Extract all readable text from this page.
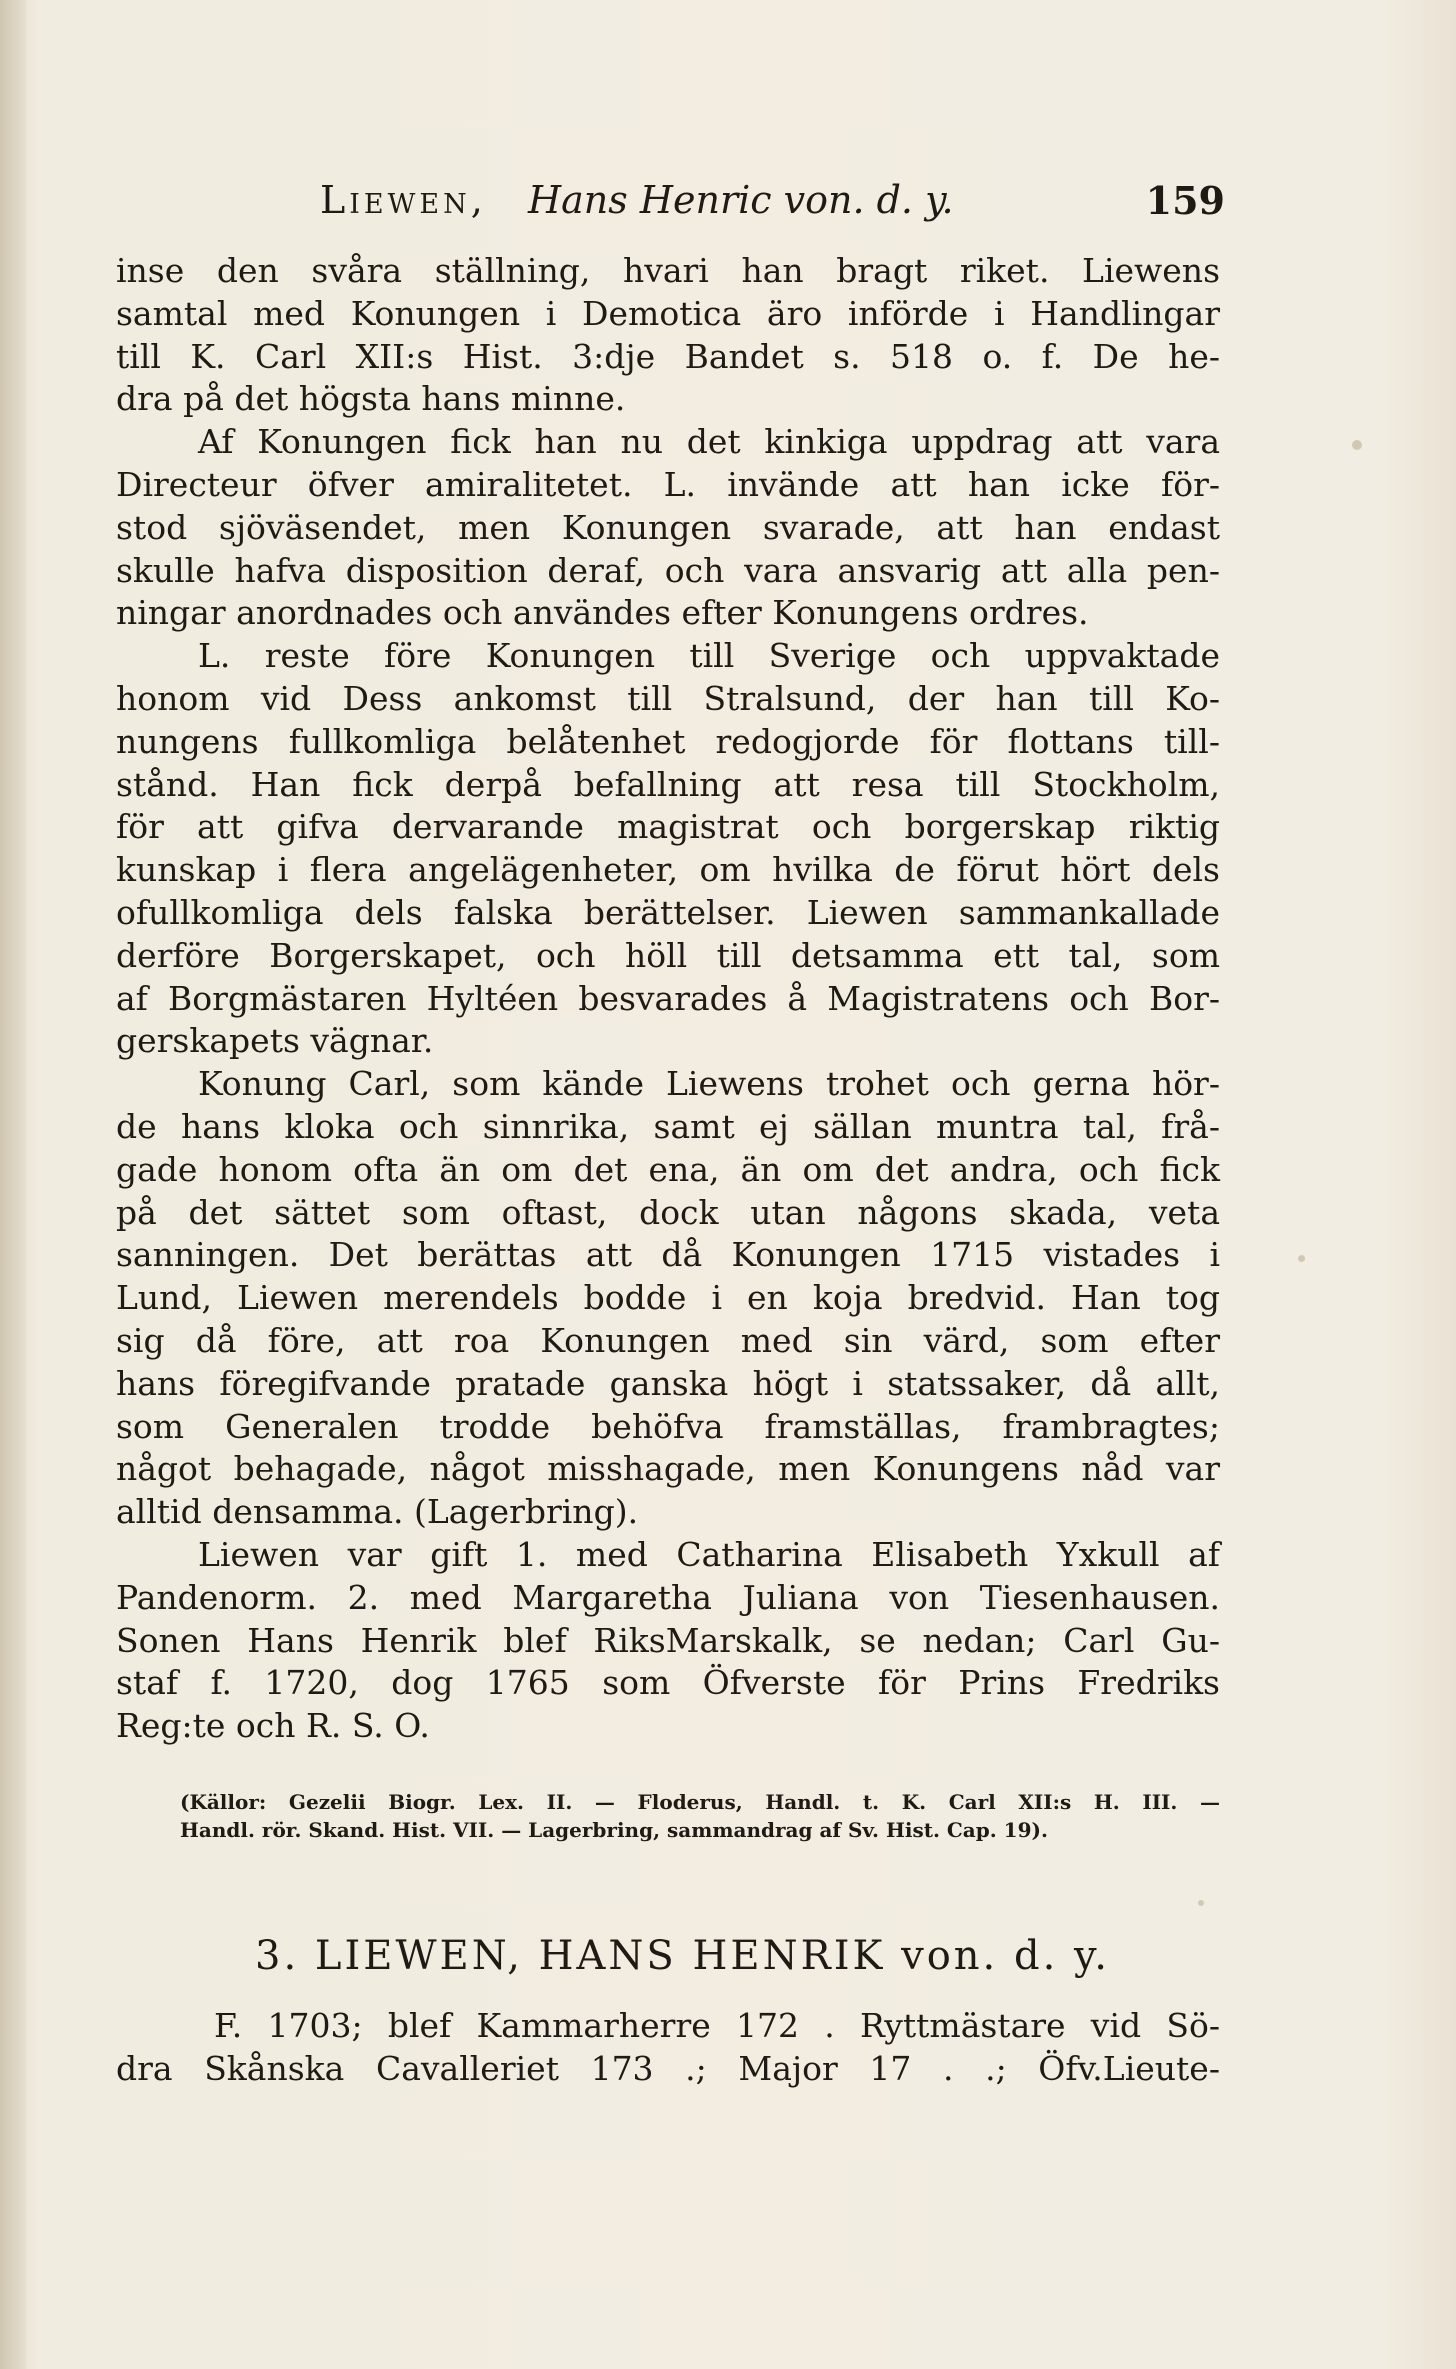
Liewen, Hans Henric von. d. y.	159
inse den svåra ställning, hvari han bragt riket. Liewens
samtal med Konungen i Demotica äro införde i Handlingar
till K. Carl XII:s Hist. 3:dje Bandet s. 518 o. f. De he-
dra på det högsta hans minne.
Af Konungen fick han nu det kinkiga uppdrag att vara
Directeur öfver amiralitetet. L. invände att han icke för-
stod sjöväsendet, men Konungen svarade, att han endast
skulle hafva disposition deraf, och vara ansvarig att alla pen-
ningar anordnades och användes efter Konungens ordres.
L. reste före Konungen till Sverige och uppvaktade
honom vid Dess ankomst till Stralsund, der han till Ko-
nungens fullkomliga belåtenhet redogjorde för flottans till-
stånd. Han fick derpå befallning att resa till Stockholm,
för att gifva dervarande magistrat och borgerskap riktig
kunskap i flera angelägenheter, om hvilka de förut hört dels
ofullkomliga dels falska berättelser. Liewen sammankallade
derföre Borgerskapet, och höll till detsamma ett tal, som
af Borgmästaren Hyltéen besvarades å Magistratens och Bor-
gerskapets vägnar.
Konung Carl, som kände Liewens trohet och gerna hör-
de hans kloka och sinnrika, samt ej sällan muntra tal, frå-
gade honom ofta än om det ena, än om det andra, och fick
på det sättet som oftast, dock utan någons skada, veta
sanningen. Det berättas att då Konungen 1715 vistades i
Lund, Liewen merendels bodde i en koja bredvid. Han tog
sig då före, att roa Konungen med sin värd, som efter
hans föregifvande pratade ganska högt i statssaker, då allt,
som Generalen trodde behöfva framställas, frambragtes;
något behagade, något misshagade, men Konungens nåd var
alltid densamma. (Lagerbring).
Liewen var gift 1. med Catharina Elisabeth Yxkull af
Pandenorm. 2. med Margaretha Juliana von Tiesenhausen.
Sonen Hans Henrik blef RiksMarskalk, se nedan; Carl Gu-
staf f. 1720, dog 1765 som Öfverste för Prins Fredriks
Reg:te och R. S. O.
(Källor: Gezelii Biogr. Lex. II. — Floderus, Handl. t. K. Carl XII:s H. III. —
Handl. rör. Skand. Hist. VII. — Lagerbring, sammandrag af Sv. Hist. Cap. 19).
3. LIEWEN, HANS HENRIK von. d. y.
F. 1703; blef Kammarherre 172 . Ryttmästare vid Sö-
dra Skånska Cavalleriet 173 .; Major 17 . .; Öfv.Lieute-
